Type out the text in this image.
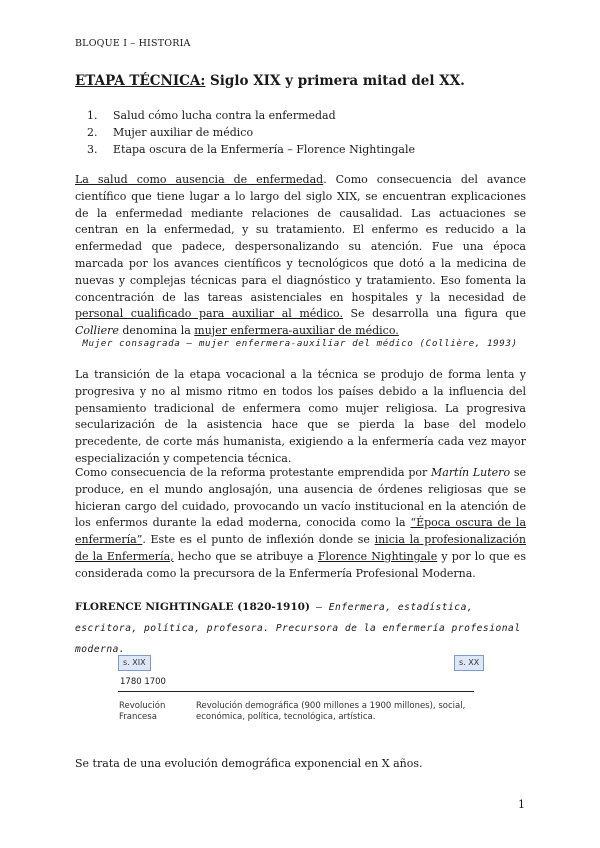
BLOQUE I – HISTORIA
ETAPA TÉCNICA: Siglo XIX y primera mitad del XX.
1.	Salud cómo lucha contra la enfermedad
2.	Mujer auxiliar de médico
3.	Etapa oscura de la Enfermería – Florence Nightingale

La salud como ausencia de enfermedad. Como consecuencia del avance científico que tiene lugar a lo largo del siglo XIX, se encuentran explicaciones de la enfermedad mediante relaciones de causalidad. Las actuaciones se centran en la enfermedad, y su tratamiento. El enfermo es reducido a la enfermedad que padece, despersonalizando su atención. Fue una época marcada por los avances científicos y tecnológicos que dotó a la medicina de nuevas y complejas técnicas para el diagnóstico y tratamiento. Eso fomenta la concentración de las tareas asistenciales en hospitales y la necesidad de personal cualificado para auxiliar al médico. Se desarrolla una figura que Colliere denomina la mujer enfermera-auxiliar de médico.

Mujer consagrada – mujer enfermera-auxiliar del médico (Collière, 1993)

La transición de la etapa vocacional a la técnica se produjo de forma lenta y progresiva y no al mismo ritmo en todos los países debido a la influencia del pensamiento tradicional de enfermera como mujer religiosa. La progresiva secularización de la asistencia hace que se pierda la base del modelo precedente, de corte más humanista, exigiendo a la enfermería cada vez mayor especialización y competencia técnica.

Como consecuencia de la reforma protestante emprendida por Martín Lutero se produce, en el mundo anglosajón, una ausencia de órdenes religiosas que se hicieran cargo del cuidado, provocando un vacío institucional en la atención de los enfermos durante la edad moderna, conocida como la “Época oscura de la enfermería”. Este es el punto de inflexión donde se inicia la profesionalización de la Enfermería, hecho que se atribuye a Florence Nightingale y por lo que es considerada como la precursora de la Enfermería Profesional Moderna.

FLORENCE NIGHTINGALE (1820-1910) – Enfermera, estadística, escritora, política, profesora. Precursora de la enfermería profesional moderna.
s. XIX	s. XX
1780 1700
Revolución Francesa
Revolución demográfica (900 millones a 1900 millones), social, económica, política, tecnológica, artística.
Se trata de una evolución demográfica exponencial en X años.
1
